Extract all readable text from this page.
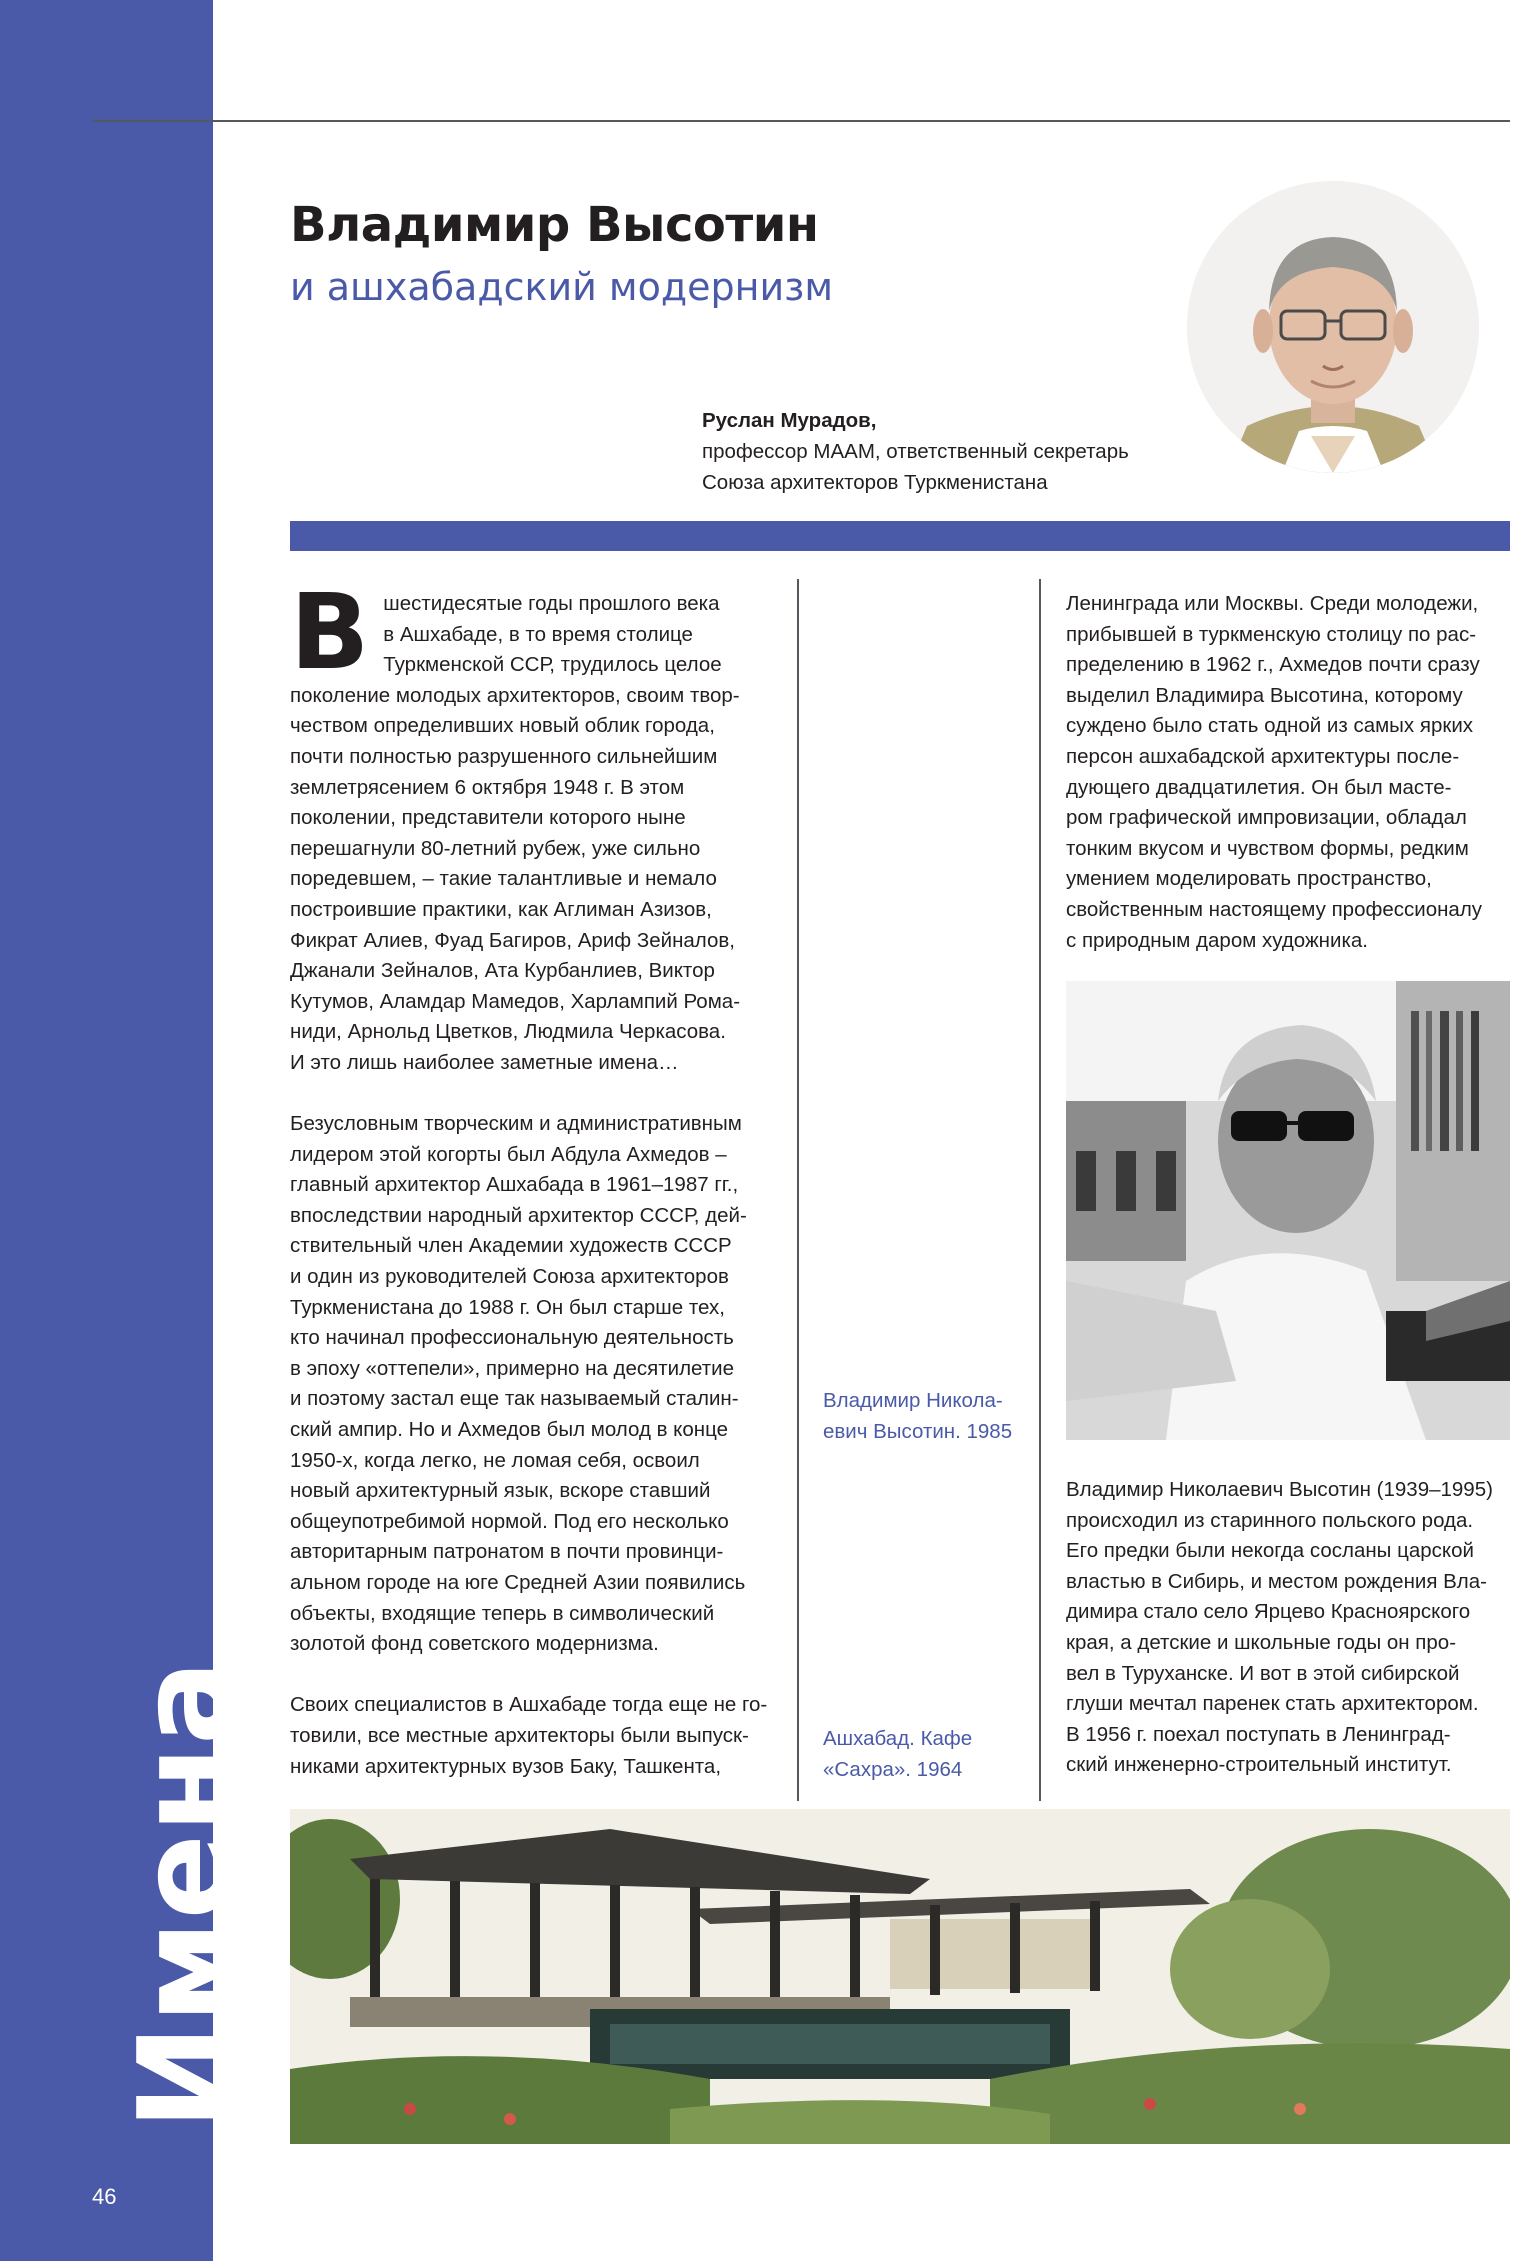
Имена
46
Владимир Высотин
и ашхабадский модернизм
Руслан Мурадов,
профессор МААМ, ответственный секретарь
Союза архитекторов Туркменистана

Вшестидесятые годы прошлого века
в Ашхабаде, в то время столице
Туркменской ССР, трудилось целое
поколение молодых архитекторов, своим твор-
чеством определивших новый облик города,
почти полностью разрушенного сильнейшим
землетрясением 6 октября 1948 г. В этом
поколении, представители которого ныне
перешагнули 80-летний рубеж, уже сильно
поредевшем, – такие талантливые и немало
построившие практики, как Аглиман Азизов,
Фикрат Алиев, Фуад Багиров, Ариф Зейналов,
Джанали Зейналов, Ата Курбанлиев, Виктор
Кутумов, Аламдар Мамедов, Харлампий Рома-
ниди, Арнольд Цветков, Людмила Черкасова.
И это лишь наиболее заметные имена…

Безусловным творческим и административным
лидером этой когорты был Абдула Ахмедов –
главный архитектор Ашхабада в 1961–1987 гг.,
впоследствии народный архитектор СССР, дей-
ствительный член Академии художеств СССР
и один из руководителей Союза архитекторов
Туркменистана до 1988 г. Он был старше тех,
кто начинал профессиональную деятельность
в эпоху «оттепели», примерно на десятилетие
и поэтому застал еще так называемый сталин-
ский ампир. Но и Ахмедов был молод в конце
1950-х, когда легко, не ломая себя, освоил
новый архитектурный язык, вскоре ставший
общеупотребимой нормой. Под его несколько
авторитарным патронатом в почти провинци-
альном городе на юге Средней Азии появились
объекты, входящие теперь в символический
золотой фонд советского модернизма.

Своих специалистов в Ашхабаде тогда еще не го-
товили, все местные архитекторы были выпуск-
никами архитектурных вузов Баку, Ташкента,

Владимир Никола-
евич Высотин. 1985
Ашхабад. Кафе
«Сахра». 1964

Ленинграда или Москвы. Среди молодежи,
прибывшей в туркменскую столицу по рас-
пределению в 1962 г., Ахмедов почти сразу
выделил Владимира Высотина, которому
суждено было стать одной из самых ярких
персон ашхабадской архитектуры после-
дующего двадцатилетия. Он был масте-
ром графической импровизации, обладал
тонким вкусом и чувством формы, редким
умением моделировать пространство,
свойственным настоящему профессионалу
с природным даром художника.

Владимир Николаевич Высотин (1939–1995)
происходил из старинного польского рода.
Его предки были некогда сосланы царской
властью в Сибирь, и местом рождения Вла-
димира стало село Ярцево Красноярского
края, а детские и школьные годы он про-
вел в Туруханске. И вот в этой сибирской
глуши мечтал паренек стать архитектором.
В 1956 г. поехал поступать в Ленинград-
ский инженерно-строительный институт.
